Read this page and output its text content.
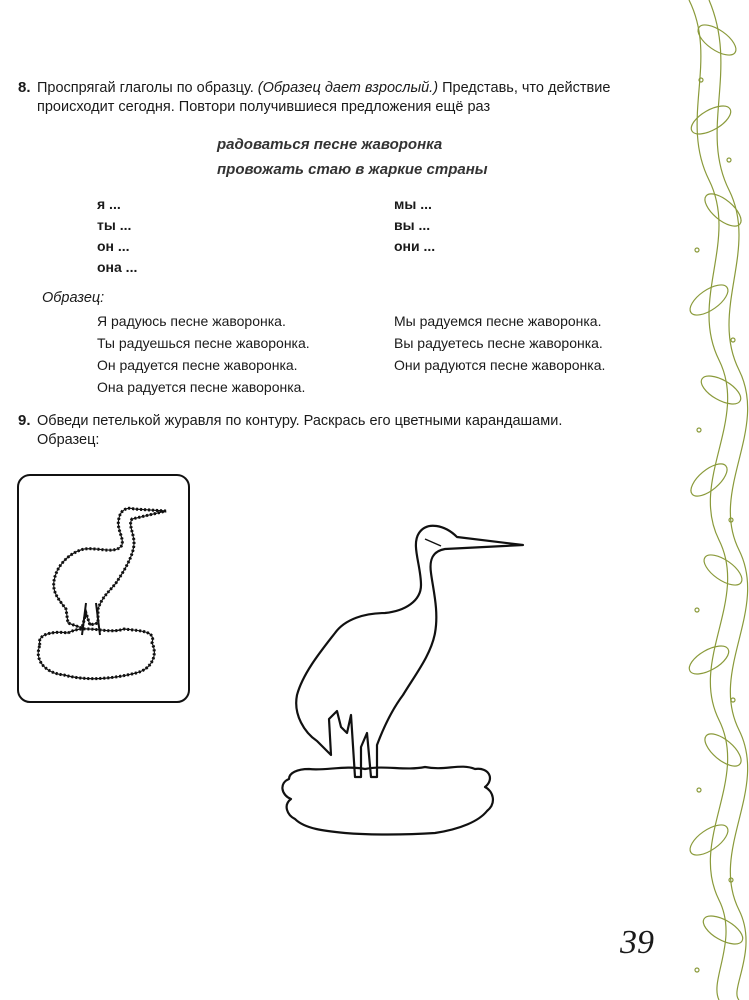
8. Проспрягай глаголы по образцу. (Образец дает взрослый.) Представь, что действие
происходит сегодня. Повтори получившиеся предложения ещё раз
радоваться песне жаворонка
провожать стаю в жаркие страны
я ...
ты ...
он ...
она ...
мы ...
вы ...
они ...
Образец:
Я радуюсь песне жаворонка.
Ты радуешься песне жаворонка.
Он радуется песне жаворонка.
Она радуется песне жаворонка.
Мы радуемся песне жаворонка.
Вы радуетесь песне жаворонка.
Они радуются песне жаворонка.
9. Обведи петелькой журавля по контуру. Раскрась его цветными карандашами.
Образец:
39
